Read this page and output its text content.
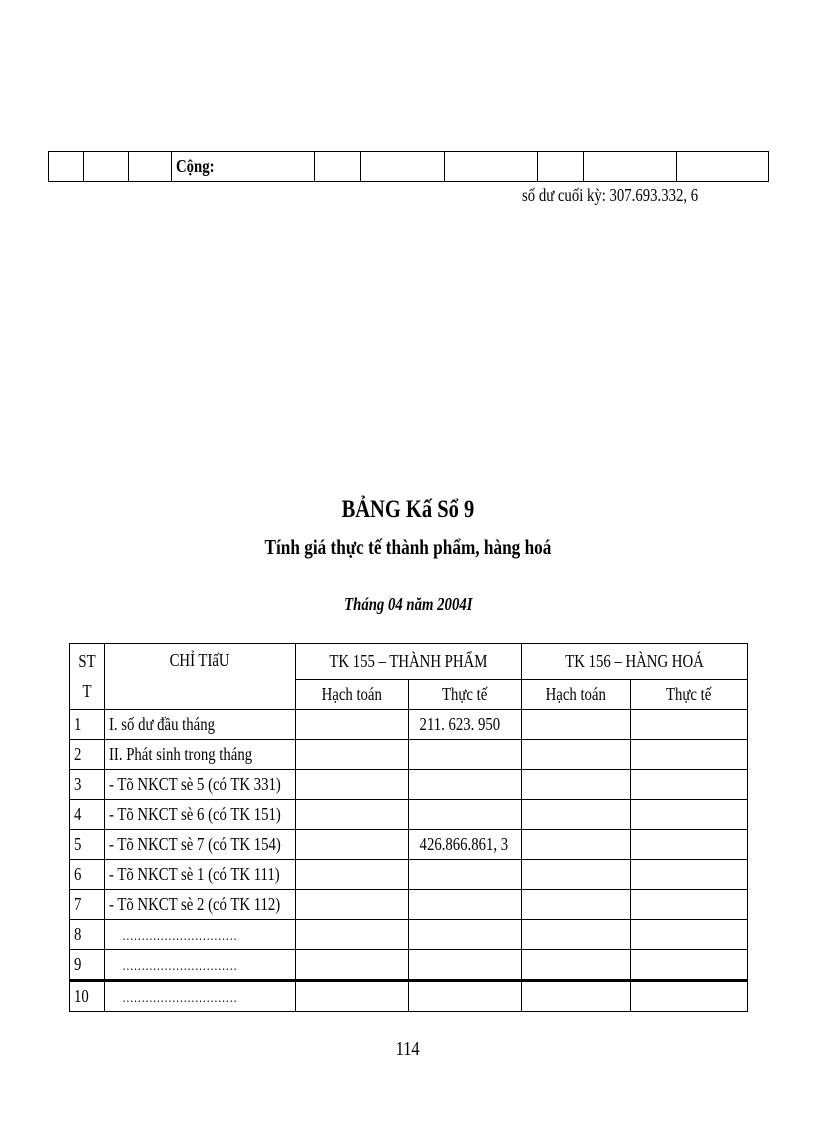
			Cộng:						
số dư cuối kỳ: 307.693.332, 6
BẢNG Kấ Sổ 9
Tính giá thực tế thành phẩm, hàng hoá
Tháng 04 năm 2004I
ST T	CHỈ TIấU	TK 155 – THÀNH PHẨM		TK 156 – HÀNG HOÁ	
		Hạch toán	Thực tế	Hạch toán	Thực tế
1	I. số dư đầu tháng		211. 623. 950		
2	II. Phát sinh trong tháng				
3	- Tõ NKCT sè 5 (có TK 331)				
4	- Tõ NKCT sè 6 (có TK 151)				
5	- Tõ NKCT sè 7 (có TK 154)		426.866.861, 3		
6	- Tõ NKCT sè 1 (có TK 111)				
7	- Tõ NKCT sè 2 (có TK 112)				
8	…………………………				
9	…………………………				
10	…………………………				
114
